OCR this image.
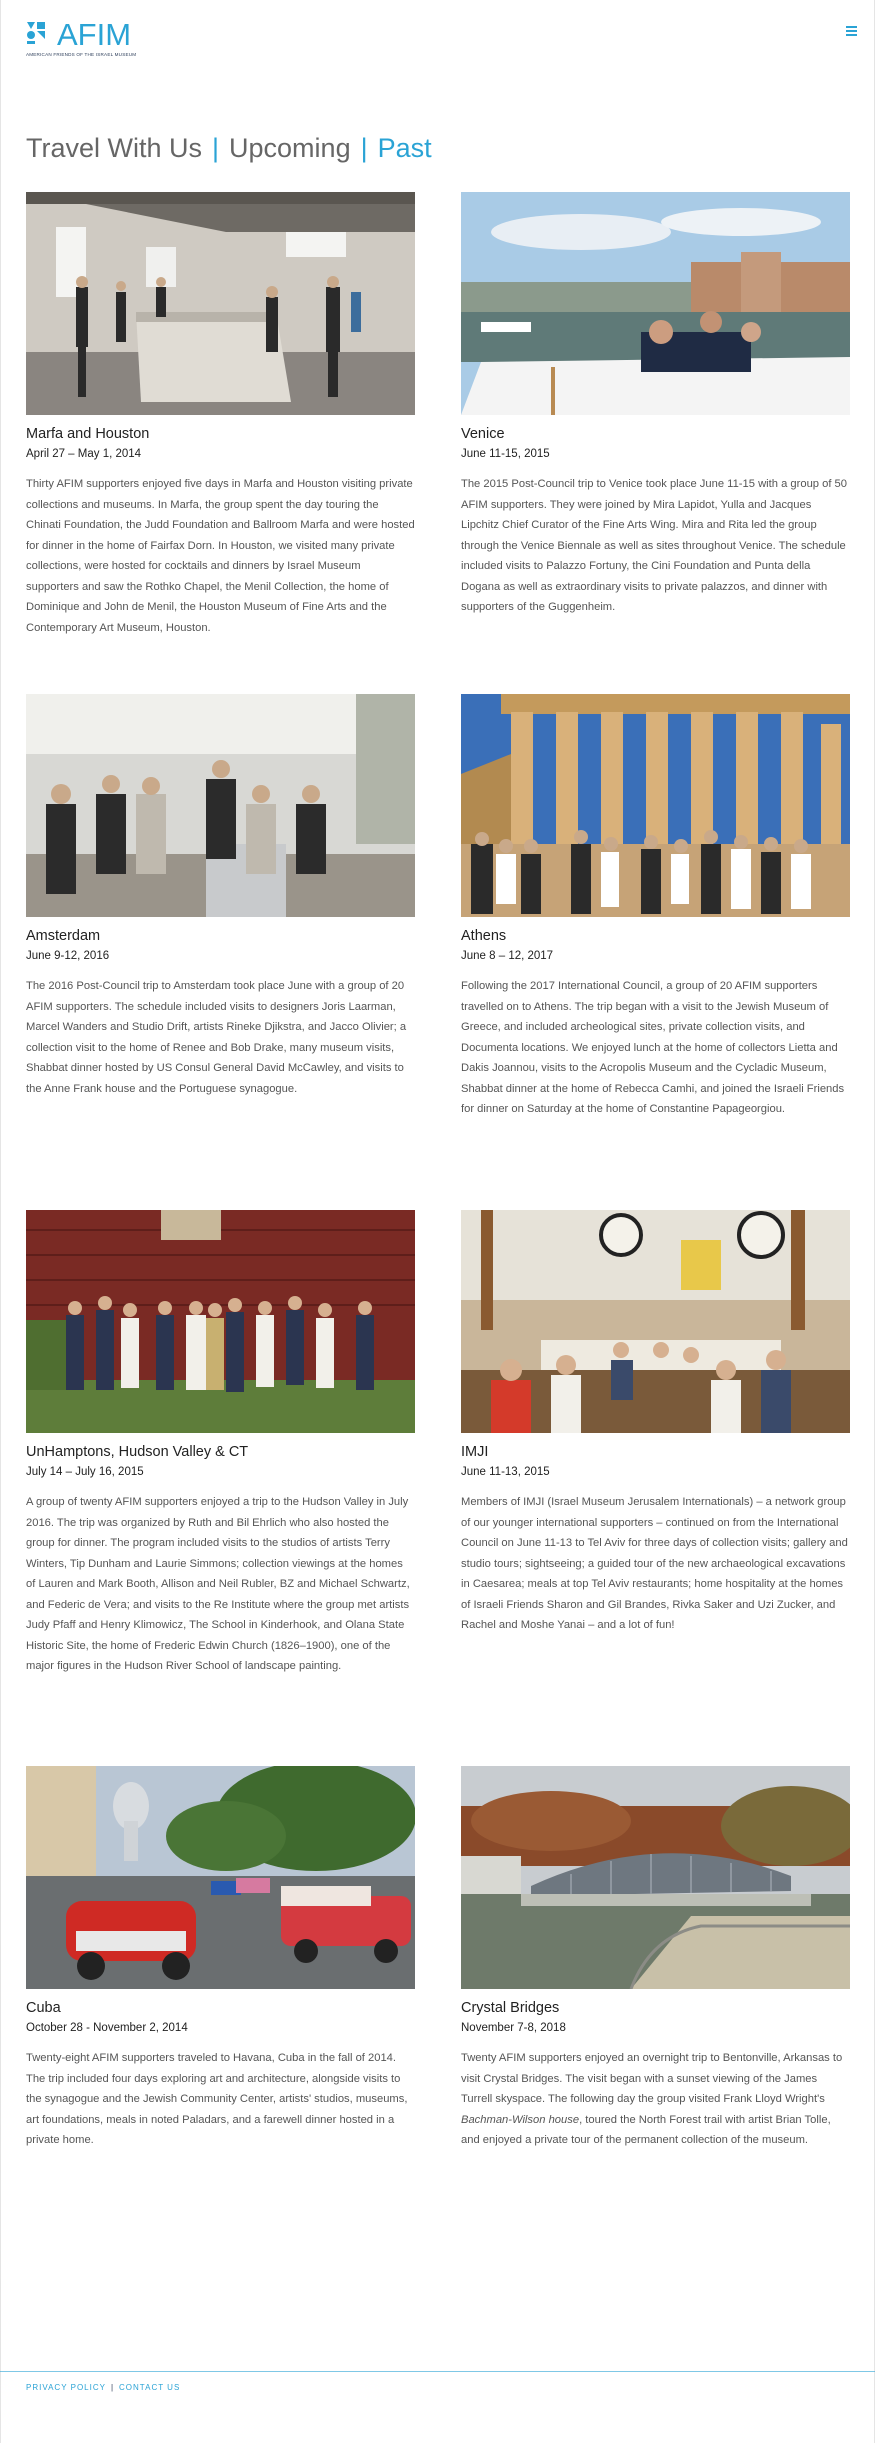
AFIM
AMERICAN FRIENDS OF THE ISRAEL MUSEUM
Travel With Us | Upcoming | Past
Marfa and Houston
April 27 – May 1, 2014
Thirty AFIM supporters enjoyed five days in Marfa and Houston visiting private collections and museums. In Marfa, the group spent the day touring the Chinati Foundation, the Judd Foundation and Ballroom Marfa and were hosted for dinner in the home of Fairfax Dorn. In Houston, we visited many private collections, were hosted for cocktails and dinners by Israel Museum supporters and saw the Rothko Chapel, the Menil Collection, the home of Dominique and John de Menil, the Houston Museum of Fine Arts and the Contemporary Art Museum, Houston.
Venice
June 11-15, 2015
The 2015 Post-Council trip to Venice took place June 11-15 with a group of 50 AFIM supporters. They were joined by Mira Lapidot, Yulla and Jacques Lipchitz Chief Curator of the Fine Arts Wing. Mira and Rita led the group through the Venice Biennale as well as sites throughout Venice. The schedule included visits to Palazzo Fortuny, the Cini Foundation and Punta della Dogana as well as extraordinary visits to private palazzos, and dinner with supporters of the Guggenheim.
Amsterdam
June 9-12, 2016
The 2016 Post-Council trip to Amsterdam took place June with a group of 20 AFIM supporters. The schedule included visits to designers Joris Laarman, Marcel Wanders and Studio Drift, artists Rineke Djikstra, and Jacco Olivier; a collection visit to the home of Renee and Bob Drake, many museum visits, Shabbat dinner hosted by US Consul General David McCawley, and visits to the Anne Frank house and the Portuguese synagogue.
Athens
June 8 – 12, 2017
Following the 2017 International Council, a group of 20 AFIM supporters travelled on to Athens. The trip began with a visit to the Jewish Museum of Greece, and included archeological sites, private collection visits, and Documenta locations. We enjoyed lunch at the home of collectors Lietta and Dakis Joannou, visits to the Acropolis Museum and the Cycladic Museum, Shabbat dinner at the home of Rebecca Camhi, and joined the Israeli Friends for dinner on Saturday at the home of Constantine Papageorgiou.
UnHamptons, Hudson Valley & CT
July 14 – July 16, 2015
A group of twenty AFIM supporters enjoyed a trip to the Hudson Valley in July 2016. The trip was organized by Ruth and Bil Ehrlich who also hosted the group for dinner. The program included visits to the studios of artists Terry Winters, Tip Dunham and Laurie Simmons; collection viewings at the homes of Lauren and Mark Booth, Allison and Neil Rubler, BZ and Michael Schwartz, and Federic de Vera; and visits to the Re Institute where the group met artists Judy Pfaff and Henry Klimowicz, The School in Kinderhook, and Olana State Historic Site, the home of Frederic Edwin Church (1826–1900), one of the major figures in the Hudson River School of landscape painting.
IMJI
June 11-13, 2015
Members of IMJI (Israel Museum Jerusalem Internationals) – a network group of our younger international supporters – continued on from the International Council on June 11-13 to Tel Aviv for three days of collection visits; gallery and studio tours; sightseeing; a guided tour of the new archaeological excavations in Caesarea; meals at top Tel Aviv restaurants; home hospitality at the homes of Israeli Friends Sharon and Gil Brandes, Rivka Saker and Uzi Zucker, and Rachel and Moshe Yanai – and a lot of fun!
Cuba
October 28 - November 2, 2014
Twenty-eight AFIM supporters traveled to Havana, Cuba in the fall of 2014. The trip included four days exploring art and architecture, alongside visits to the synagogue and the Jewish Community Center, artists' studios, museums, art foundations, meals in noted Paladars, and a farewell dinner hosted in a private home.
Crystal Bridges
November 7-8, 2018
Twenty AFIM supporters enjoyed an overnight trip to Bentonville, Arkansas to visit Crystal Bridges. The visit began with a sunset viewing of the James Turrell skyspace. The following day the group visited Frank Lloyd Wright's Bachman-Wilson house, toured the North Forest trail with artist Brian Tolle, and enjoyed a private tour of the permanent collection of the museum.
PRIVACY POLICY | CONTACT US
